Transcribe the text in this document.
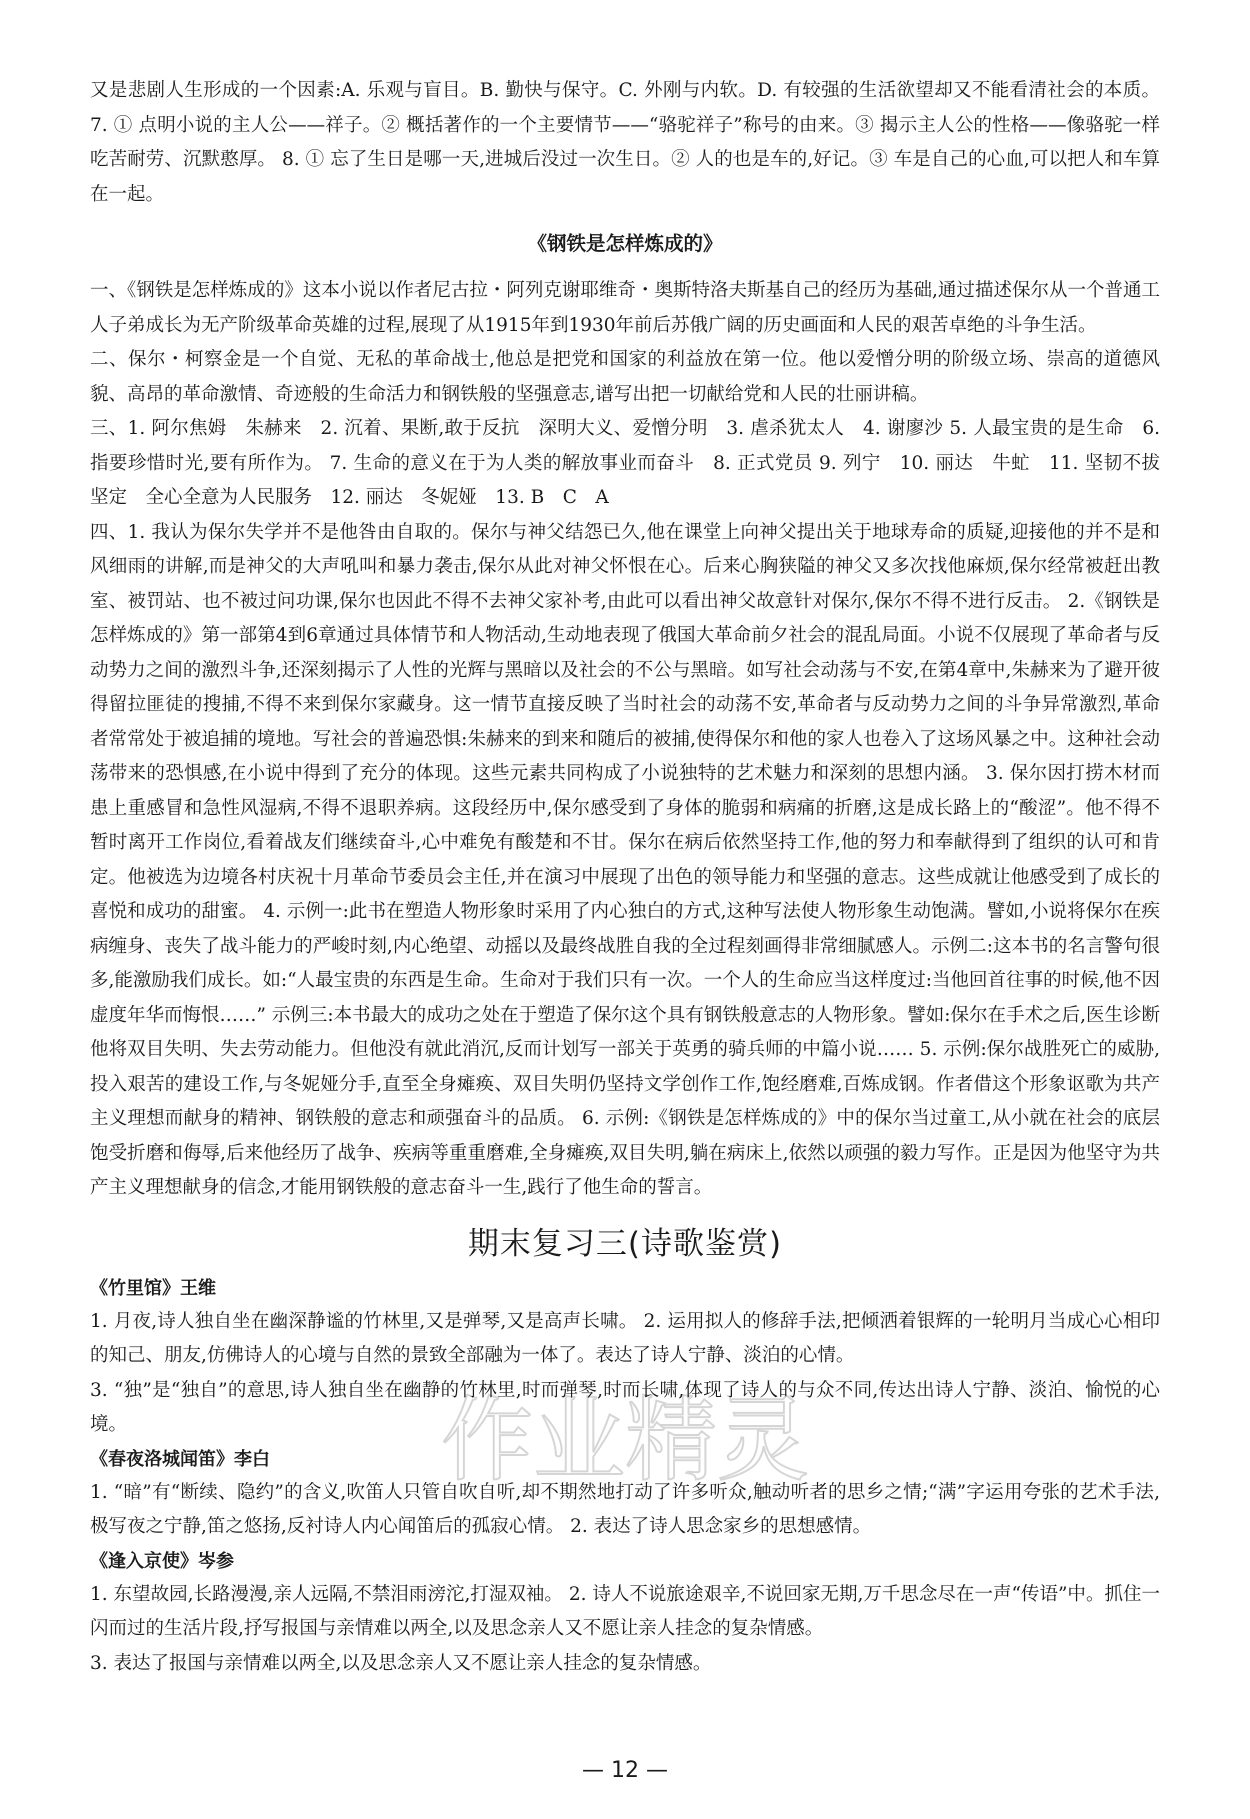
又是悲剧人生形成的一个因素:A. 乐观与盲目。B. 勤快与保守。C. 外刚与内软。D. 有较强的生活欲望却又不能看清社会的本质。 7. ① 点明小说的主人公——祥子。② 概括著作的一个主要情节——“骆驼祥子”称号的由来。③ 揭示主人公的性格——像骆驼一样吃苦耐劳、沉默憨厚。 8. ① 忘了生日是哪一天,进城后没过一次生日。② 人的也是车的,好记。③ 车是自己的心血,可以把人和车算在一起。

《钢铁是怎样炼成的》

一、《钢铁是怎样炼成的》这本小说以作者尼古拉・阿列克谢耶维奇・奥斯特洛夫斯基自己的经历为基础,通过描述保尔从一个普通工人子弟成长为无产阶级革命英雄的过程,展现了从1915年到1930年前后苏俄广阔的历史画面和人民的艰苦卓绝的斗争生活。

二、保尔・柯察金是一个自觉、无私的革命战士,他总是把党和国家的利益放在第一位。他以爱憎分明的阶级立场、崇高的道德风貌、高昂的革命激情、奇迹般的生命活力和钢铁般的坚强意志,谱写出把一切献给党和人民的壮丽讲稿。

三、1. 阿尔焦姆　朱赫来　2. 沉着、果断,敢于反抗　深明大义、爱憎分明　3. 虐杀犹太人　4. 谢廖沙 5. 人最宝贵的是生命　6. 指要珍惜时光,要有所作为。 7. 生命的意义在于为人类的解放事业而奋斗　8. 正式党员 9. 列宁　10. 丽达　牛虻　11. 坚韧不拔　坚定　全心全意为人民服务　12. 丽达　冬妮娅　13. B　C　A

四、1. 我认为保尔失学并不是他咎由自取的。保尔与神父结怨已久,他在课堂上向神父提出关于地球寿命的质疑,迎接他的并不是和风细雨的讲解,而是神父的大声吼叫和暴力袭击,保尔从此对神父怀恨在心。后来心胸狭隘的神父又多次找他麻烦,保尔经常被赶出教室、被罚站、也不被过问功课,保尔也因此不得不去神父家补考,由此可以看出神父故意针对保尔,保尔不得不进行反击。 2.《钢铁是怎样炼成的》第一部第4到6章通过具体情节和人物活动,生动地表现了俄国大革命前夕社会的混乱局面。小说不仅展现了革命者与反动势力之间的激烈斗争,还深刻揭示了人性的光辉与黑暗以及社会的不公与黑暗。如写社会动荡与不安,在第4章中,朱赫来为了避开彼得留拉匪徒的搜捕,不得不来到保尔家藏身。这一情节直接反映了当时社会的动荡不安,革命者与反动势力之间的斗争异常激烈,革命者常常处于被追捕的境地。写社会的普遍恐惧:朱赫来的到来和随后的被捕,使得保尔和他的家人也卷入了这场风暴之中。这种社会动荡带来的恐惧感,在小说中得到了充分的体现。这些元素共同构成了小说独特的艺术魅力和深刻的思想内涵。 3. 保尔因打捞木材而患上重感冒和急性风湿病,不得不退职养病。这段经历中,保尔感受到了身体的脆弱和病痛的折磨,这是成长路上的“酸涩”。他不得不暂时离开工作岗位,看着战友们继续奋斗,心中难免有酸楚和不甘。保尔在病后依然坚持工作,他的努力和奉献得到了组织的认可和肯定。他被选为边境各村庆祝十月革命节委员会主任,并在演习中展现了出色的领导能力和坚强的意志。这些成就让他感受到了成长的喜悦和成功的甜蜜。 4. 示例一:此书在塑造人物形象时采用了内心独白的方式,这种写法使人物形象生动饱满。譬如,小说将保尔在疾病缠身、丧失了战斗能力的严峻时刻,内心绝望、动摇以及最终战胜自我的全过程刻画得非常细腻感人。示例二:这本书的名言警句很多,能激励我们成长。如:“人最宝贵的东西是生命。生命对于我们只有一次。一个人的生命应当这样度过:当他回首往事的时候,他不因虚度年华而悔恨……” 示例三:本书最大的成功之处在于塑造了保尔这个具有钢铁般意志的人物形象。譬如:保尔在手术之后,医生诊断他将双目失明、失去劳动能力。但他没有就此消沉,反而计划写一部关于英勇的骑兵师的中篇小说…… 5. 示例:保尔战胜死亡的威胁,投入艰苦的建设工作,与冬妮娅分手,直至全身瘫痪、双目失明仍坚持文学创作工作,饱经磨难,百炼成钢。作者借这个形象讴歌为共产主义理想而献身的精神、钢铁般的意志和顽强奋斗的品质。 6. 示例:《钢铁是怎样炼成的》中的保尔当过童工,从小就在社会的底层饱受折磨和侮辱,后来他经历了战争、疾病等重重磨难,全身瘫痪,双目失明,躺在病床上,依然以顽强的毅力写作。正是因为他坚守为共产主义理想献身的信念,才能用钢铁般的意志奋斗一生,践行了他生命的誓言。

期末复习三(诗歌鉴赏)
《竹里馆》王维

1. 月夜,诗人独自坐在幽深静谧的竹林里,又是弹琴,又是高声长啸。 2. 运用拟人的修辞手法,把倾洒着银辉的一轮明月当成心心相印的知己、朋友,仿佛诗人的心境与自然的景致全部融为一体了。表达了诗人宁静、淡泊的心情。

3. “独”是“独自”的意思,诗人独自坐在幽静的竹林里,时而弹琴,时而长啸,体现了诗人的与众不同,传达出诗人宁静、淡泊、愉悦的心境。

《春夜洛城闻笛》李白

1. “暗”有“断续、隐约”的含义,吹笛人只管自吹自听,却不期然地打动了许多听众,触动听者的思乡之情;“满”字运用夸张的艺术手法,极写夜之宁静,笛之悠扬,反衬诗人内心闻笛后的孤寂心情。 2. 表达了诗人思念家乡的思想感情。

《逢入京使》岑参

1. 东望故园,长路漫漫,亲人远隔,不禁泪雨滂沱,打湿双袖。 2. 诗人不说旅途艰辛,不说回家无期,万千思念尽在一声“传语”中。抓住一闪而过的生活片段,抒写报国与亲情难以两全,以及思念亲人又不愿让亲人挂念的复杂情感。

3. 表达了报国与亲情难以两全,以及思念亲人又不愿让亲人挂念的复杂情感。

作业精灵
— 12 —
